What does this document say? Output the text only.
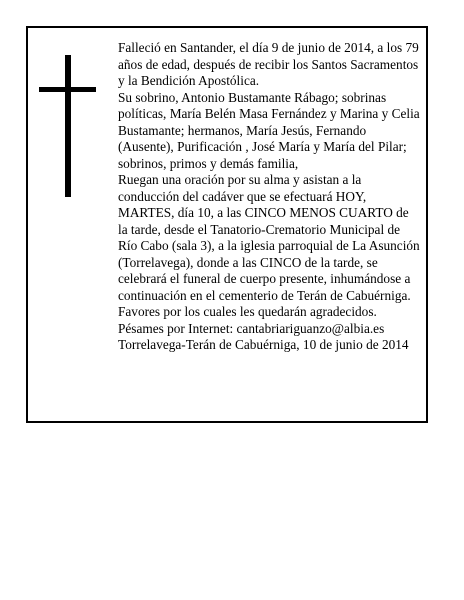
Falleció en Santander, el día 9 de junio de 2014, a los 79 años de edad, después de recibir los Santos Sacramentos y la Bendición Apostólica.

Su sobrino, Antonio Bustamante Rábago; sobrinas políticas, María Belén Masa Fernández y Marina y Celia Bustamante; hermanos, María Jesús, Fernando (Ausente), Purificación , José María y María del Pilar; sobrinos, primos y demás familia,

Ruegan una oración por su alma y asistan a la conducción del cadáver que se efectuará HOY, MARTES, día 10, a las CINCO MENOS CUARTO de la tarde, desde el Tanatorio-Crematorio Municipal de Río Cabo (sala 3), a la iglesia parroquial de La Asunción (Torrelavega), donde a las CINCO de la tarde, se celebrará el funeral de cuerpo presente, inhumándose a continuación en el cementerio de Terán de Cabuérniga. Favores por los cuales les quedarán agradecidos.

Pésames por Internet: cantabriariguanzo@albia.es

Torrelavega-Terán de Cabuérniga, 10 de junio de 2014
